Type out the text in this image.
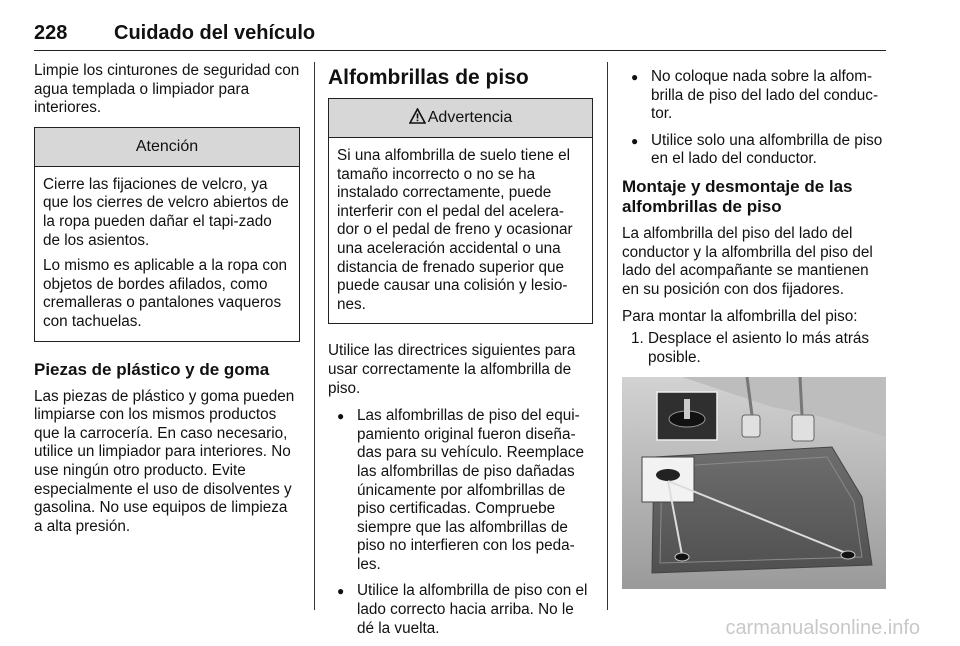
228 Cuidado del vehículo

Limpie los cinturones de seguridad con agua templada o limpiador para interiores.

Atención

Cierre las fijaciones de velcro, ya que los cierres de velcro abiertos de la ropa pueden dañar el tapi-zado de los asientos.

Lo mismo es aplicable a la ropa con objetos de bordes afilados, como cremalleras o pantalones vaqueros con tachuelas.

Piezas de plástico y de goma

Las piezas de plástico y goma pueden limpiarse con los mismos productos que la carrocería. En caso necesario, utilice un limpiador para interiores. No use ningún otro producto. Evite especialmente el uso de disolventes y gasolina. No use equipos de limpieza a alta presión.

Alfombrillas de piso
Advertencia

Si una alfombrilla de suelo tiene el tamaño incorrecto o no se ha instalado correctamente, puede interferir con el pedal del acelera-dor o el pedal de freno y ocasionar una aceleración accidental o una distancia de frenado superior que puede causar una colisión y lesio-nes.

Utilice las directrices siguientes para usar correctamente la alfombrilla de piso.

● Las alfombrillas de piso del equi-pamiento original fueron diseña-das para su vehículo. Reemplace las alfombrillas de piso dañadas únicamente por alfombrillas de piso certificadas. Compruebe siempre que las alfombrillas de piso no interfieren con los peda-les.
● Utilice la alfombrilla de piso con el lado correcto hacia arriba. No le dé la vuelta.
● No coloque nada sobre la alfom-brilla de piso del lado del conduc-tor.
● Utilice solo una alfombrilla de piso en el lado del conductor.
Montaje y desmontaje de las alfombrillas de piso

La alfombrilla del piso del lado del conductor y la alfombrilla del piso del lado del acompañante se mantienen en su posición con dos fijadores.

Para montar la alfombrilla del piso:

1. Desplace el asiento lo más atrás posible.
carmanualsonline.info
